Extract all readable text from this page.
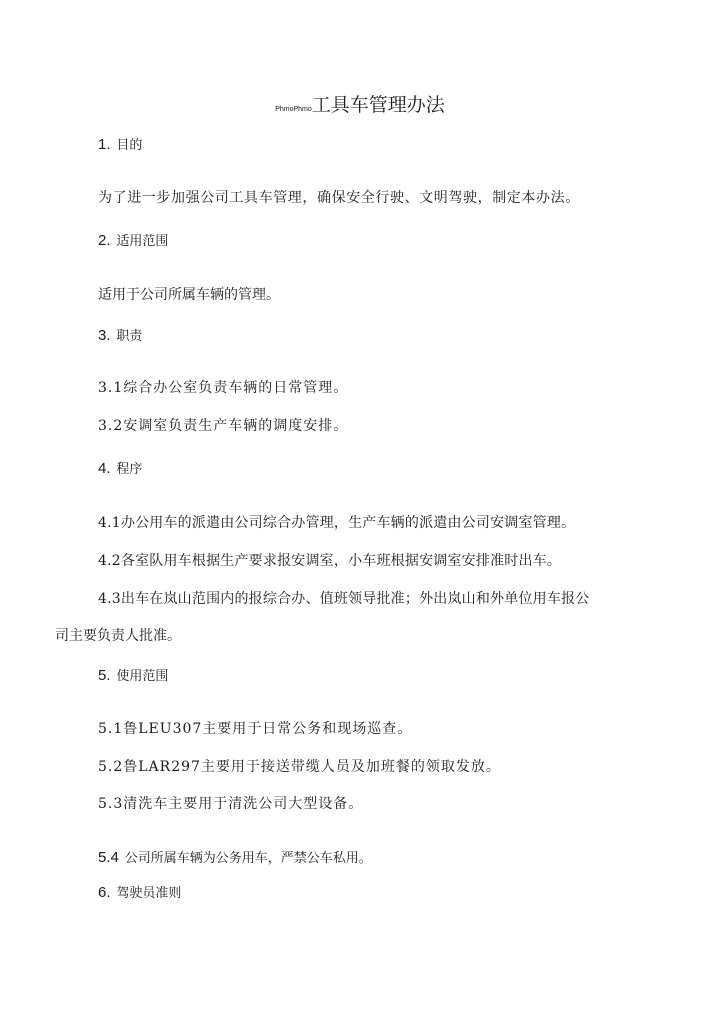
PhmoPhmo工具车管理办法
1. 目的
为了进一步加强公司工具车管理，确保安全行驶、文明驾驶，制定本办法。
2. 适用范围
适用于公司所属车辆的管理。
3. 职责
3.1综合办公室负责车辆的日常管理。
3.2安调室负责生产车辆的调度安排。
4. 程序
4.1办公用车的派遣由公司综合办管理，生产车辆的派遣由公司安调室管理。
4.2各室队用车根据生产要求报安调室，小车班根据安调室安排准时出车。
4.3出车在岚山范围内的报综合办、值班领导批准；外出岚山和外单位用车报公
司主要负责人批准。
5. 使用范围
5.1鲁LEU307主要用于日常公务和现场巡查。
5.2鲁LAR297主要用于接送带缆人员及加班餐的领取发放。
5.3清洗车主要用于清洗公司大型设备。
5.4 公司所属车辆为公务用车，严禁公车私用。
6. 驾驶员准则
